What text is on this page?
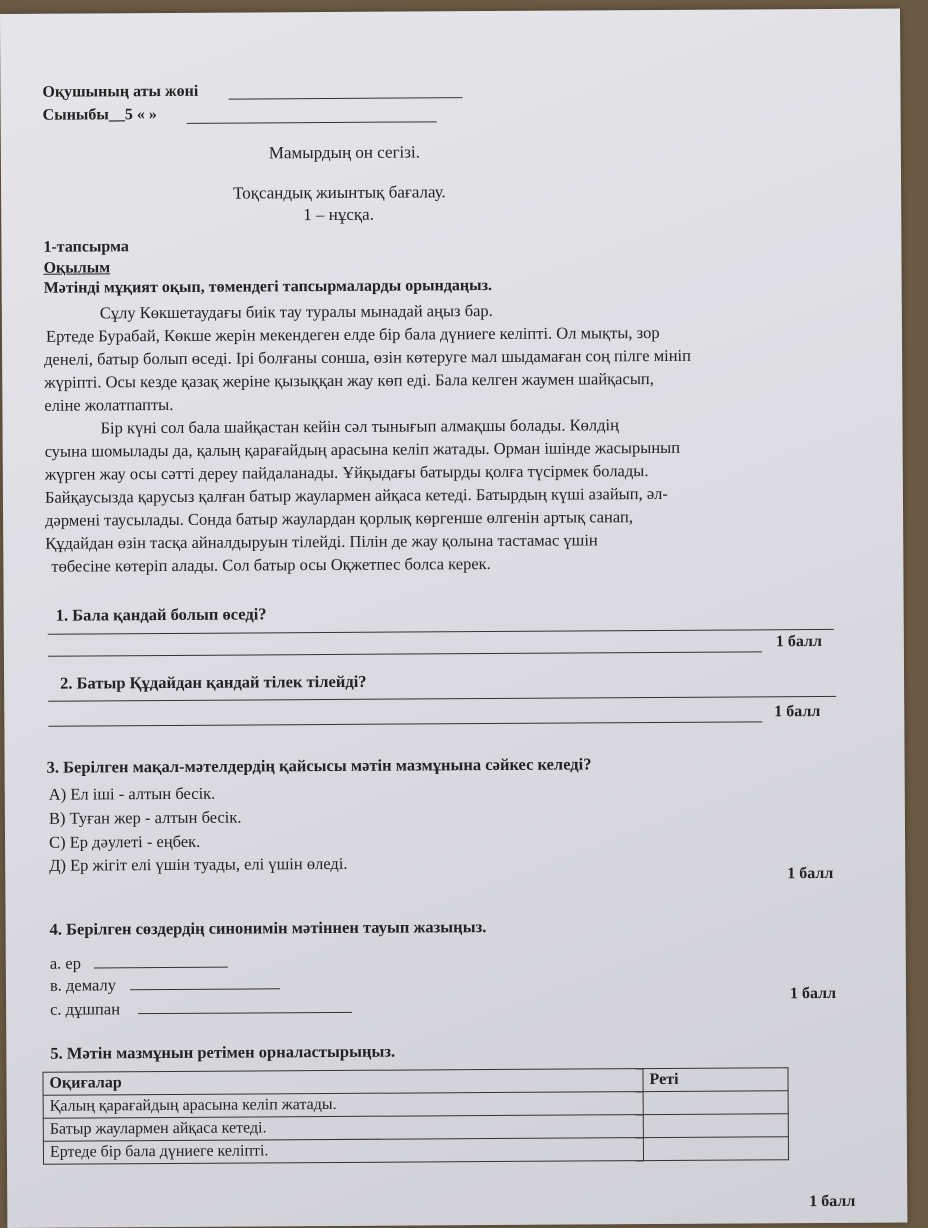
Оқушының аты жөні
Сыныбы__5 « »
Мамырдың он сегізі.
Тоқсандық жиынтық бағалау.
1 – нұсқа.
1-тапсырма
Оқылым
Мәтінді мұқият оқып, төмендегі тапсырмаларды орындаңыз.
Сұлу Көкшетаудағы биік тау туралы мынадай аңыз бар.
Ертеде Бурабай, Көкше жерін мекендеген елде бір бала дүниеге келіпті. Ол мықты, зор
денелі, батыр болып өседі. Ірі болғаны сонша, өзін көтеруге мал шыдамаған соң пілге мініп
жүріпті. Осы кезде қазақ жеріне қызыққан жау көп еді. Бала келген жаумен шайқасып,
еліне жолатпапты.
Бір күні сол бала шайқастан кейін сәл тынығып алмақшы болады. Көлдің
суына шомылады да, қалың қарағайдың арасына келіп жатады. Орман ішінде жасырынып
жүрген жау осы сәтті дереу пайдаланады. Ұйқыдағы батырды қолға түсірмек болады.
Байқаусызда қарусыз қалған батыр жаулармен айқаса кетеді. Батырдың күші азайып, әл-
дәрмені таусылады. Сонда батыр жаулардан қорлық көргенше өлгенін артық санап,
Құдайдан өзін тасқа айналдыруын тілейді. Пілін де жау қолына тастамас үшін
төбесіне көтеріп алады. Сол батыр осы Оқжетпес болса керек.
1. Бала қандай болып өседі?
1 балл
2. Батыр Құдайдан қандай тілек тілейді?
1 балл
3. Берілген мақал-мәтелдердің қайсысы мәтін мазмұнына сәйкес келеді?
А) Ел іші - алтын бесік.
В) Туған жер - алтын бесік.
С) Ер дәулеті - еңбек.
Д) Ер жігіт елі үшін туады, елі үшін өледі.	1 балл
4. Берілген сөздердің синонимін мәтіннен тауып жазыңыз.
а. ер
в. демалу
с. дұшпан
1 балл
5. Мәтін мазмұнын ретімен орналастырыңыз.
Оқиғалар	Реті
Қалың қарағайдың арасына келіп жатады.	
Батыр жаулармен айқаса кетеді.	
Ертеде бір бала дүниеге келіпті.	
1 балл
